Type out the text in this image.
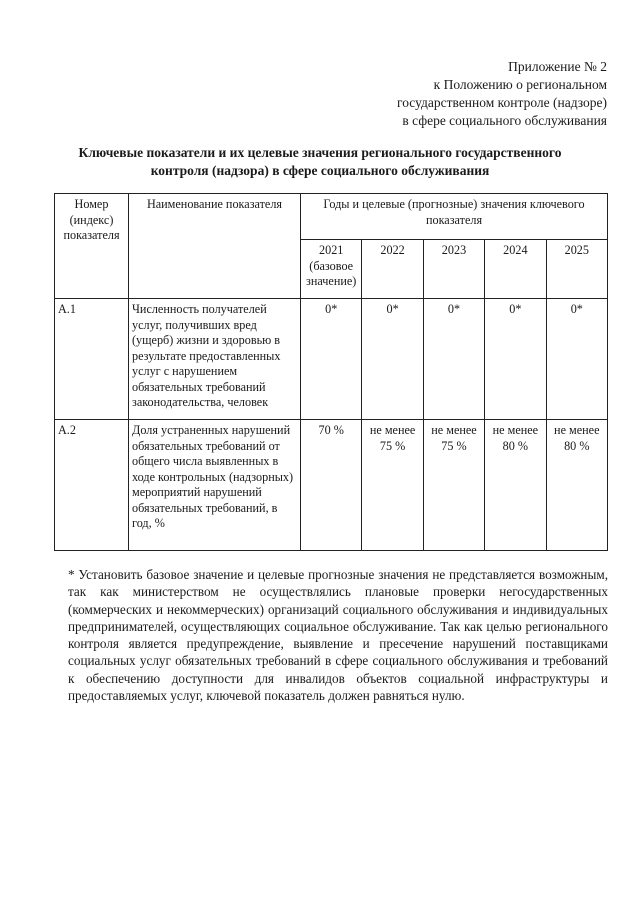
Приложение № 2
к Положению о региональном
государственном контроле (надзоре)
в сфере социального обслуживания
Ключевые показатели и их целевые значения регионального государственного
контроля (надзора) в сфере социального обслуживания
Номер (индекс) показателя	Наименование показателя	Годы и целевые (прогнозные) значения ключевого показателя				
		2021 (базовое значение)	2022	2023	2024	2025
А.1	Численность получателей услуг, получивших вред (ущерб) жизни и здоровью в результате предоставленных услуг с нарушением обязательных требований законодательства, человек	0*	0*	0*	0*	0*
А.2	Доля устраненных нарушений обязательных требований от общего числа выявленных в ходе контрольных (надзорных) мероприятий нарушений обязательных требований, в год, %	70 %	не менее 75 %	не менее 75 %	не менее 80 %	не менее 80 %
* Установить базовое значение и целевые прогнозные значения не представляется возможным, так как министерством не осуществлялись плановые проверки негосударственных (коммерческих и некоммерческих) организаций социального обслуживания и индивидуальных предпринимателей, осуществляющих социальное обслуживание. Так как целью регионального контроля является предупреждение, выявление и пресечение нарушений поставщиками социальных услуг обязательных требований в сфере социального обслуживания и требований к обеспечению доступности для инвалидов объектов социальной инфраструктуры и предоставляемых услуг, ключевой показатель должен равняться нулю.
